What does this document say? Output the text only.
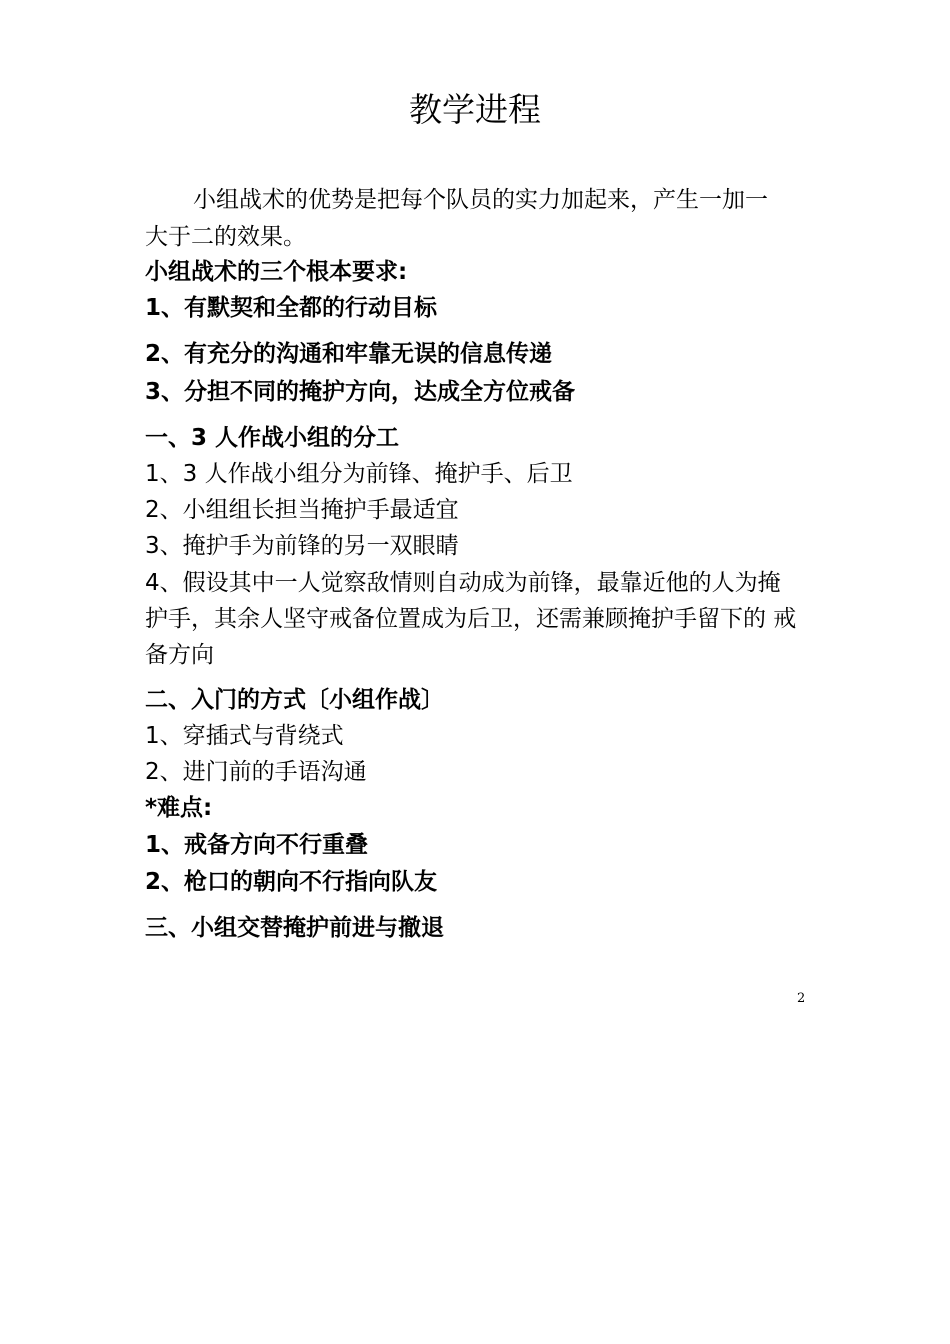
教学进程
小组战术的优势是把每个队员的实力加起来，产生一加一
大于二的效果。
小组战术的三个根本要求:
1、有默契和全都的行动目标
2、有充分的沟通和牢靠无误的信息传递
3、分担不同的掩护方向，达成全方位戒备
一、3 人作战小组的分工
1、3 人作战小组分为前锋、掩护手、后卫
2、小组组长担当掩护手最适宜
3、掩护手为前锋的另一双眼睛
4、假设其中一人觉察敌情则自动成为前锋，最靠近他的人为掩
护手，其余人坚守戒备位置成为后卫，还需兼顾掩护手留下的 戒
备方向
二、入门的方式〔小组作战〕
1、穿插式与背绕式
2、进门前的手语沟通
*难点:
1、戒备方向不行重叠
2、枪口的朝向不行指向队友
三、小组交替掩护前进与撤退
2
